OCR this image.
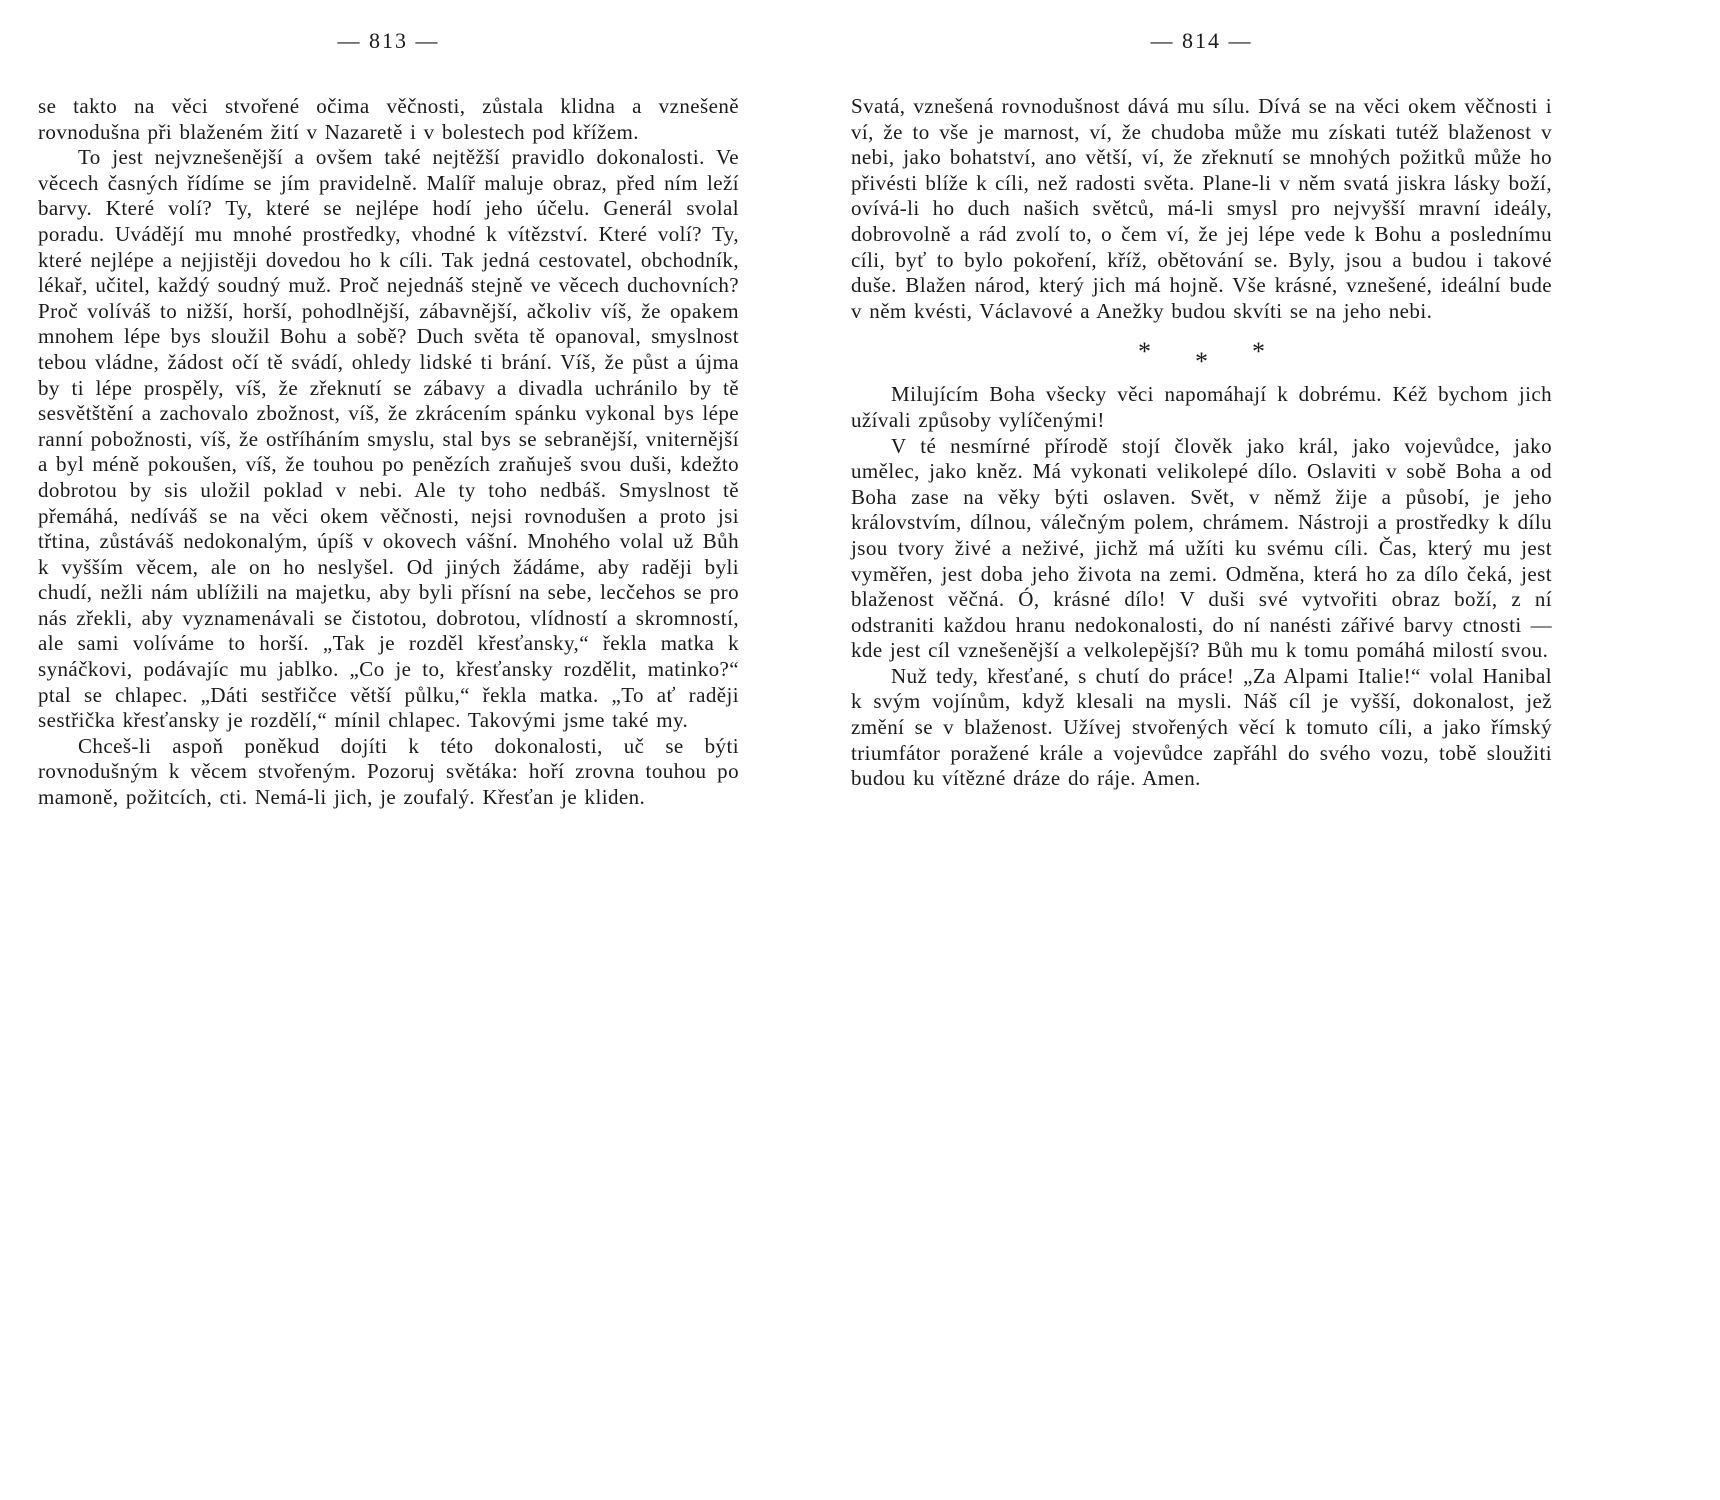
— 813 —

se takto na věci stvořené očima věčnosti, zůstala klidna a vznešeně rovnodušna při blaženém žití v Nazaretě i v bolestech pod křížem.

To jest nejvznešenější a ovšem také nejtěžší pravidlo dokonalosti. Ve věcech časných řídíme se jím pravidelně. Malíř maluje obraz, před ním leží barvy. Které volí? Ty, které se nejlépe hodí jeho účelu. Generál svolal poradu. Uvádějí mu mnohé prostředky, vhodné k vítězství. Které volí? Ty, které nejlépe a nejjistěji dovedou ho k cíli. Tak jedná cestovatel, obchodník, lékař, učitel, každý soudný muž. Proč nejednáš stejně ve věcech duchovních? Proč volíváš to nižší, horší, pohodlnější, zábavnější, ačkoliv víš, že opakem mnohem lépe bys sloužil Bohu a sobě? Duch světa tě opanoval, smyslnost tebou vládne, žádost očí tě svádí, ohledy lidské ti brání. Víš, že půst a újma by ti lépe prospěly, víš, že zřeknutí se zábavy a divadla uchránilo by tě sesvětštění a zachovalo zbožnost, víš, že zkrácením spánku vykonal bys lépe ranní pobožnosti, víš, že ostříháním smyslu, stal bys se sebranější, vniternější a byl méně pokoušen, víš, že touhou po penězích zraňuješ svou duši, kdežto dobrotou by sis uložil poklad v nebi. Ale ty toho nedbáš. Smyslnost tě přemáhá, nedíváš se na věci okem věčnosti, nejsi rovnodušen a proto jsi třtina, zůstáváš nedokonalým, úpíš v okovech vášní. Mnohého volal už Bůh k vyšším věcem, ale on ho neslyšel. Od jiných žádáme, aby raději byli chudí, nežli nám ublížili na majetku, aby byli přísní na sebe, lecčehos se pro nás zřekli, aby vyznamenávali se čistotou, dobrotou, vlídností a skromností, ale sami volíváme to horší. „Tak je rozděl křesťansky,“ řekla matka k synáčkovi, podávajíc mu jablko. „Co je to, křesťansky rozdělit, matinko?“ ptal se chlapec. „Dáti sestřičce větší půlku,“ řekla matka. „To ať raději sestřička křesťansky je rozdělí,“ mínil chlapec. Takovými jsme také my.

Chceš-li aspoň poněkud dojíti k této dokonalosti, uč se býti rovnodušným k věcem stvořeným. Pozoruj světáka: hoří zrovna touhou po mamoně, požitcích, cti. Nemá-li jich, je zoufalý. Křesťan je kliden.

— 814 —

Svatá, vznešená rovnodušnost dává mu sílu. Dívá se na věci okem věčnosti i ví, že to vše je marnost, ví, že chudoba může mu získati tutéž blaženost v nebi, jako bohatství, ano větší, ví, že zřeknutí se mnohých požitků může ho přivésti blíže k cíli, než radosti světa. Plane-li v něm svatá jiskra lásky boží, ovívá-li ho duch našich světců, má-li smysl pro nejvyšší mravní ideály, dobrovolně a rád zvolí to, o čem ví, že jej lépe vede k Bohu a poslednímu cíli, byť to bylo pokoření, kříž, obětování se. Byly, jsou a budou i takové duše. Blažen národ, který jich má hojně. Vše krásné, vznešené, ideální bude v něm kvésti, Václavové a Anežky budou skvíti se na jeho nebi.

* * *

Milujícím Boha všecky věci napomáhají k dobrému. Kéž bychom jich užívali způsoby vylíčenými!

V té nesmírné přírodě stojí člověk jako král, jako vojevůdce, jako umělec, jako kněz. Má vykonati velikolepé dílo. Oslaviti v sobě Boha a od Boha zase na věky býti oslaven. Svět, v němž žije a působí, je jeho královstvím, dílnou, válečným polem, chrámem. Nástroji a prostředky k dílu jsou tvory živé a neživé, jichž má užíti ku svému cíli. Čas, který mu jest vyměřen, jest doba jeho života na zemi. Odměna, která ho za dílo čeká, jest blaženost věčná. Ó, krásné dílo! V duši své vytvořiti obraz boží, z ní odstraniti každou hranu nedokonalosti, do ní nanésti zářivé barvy ctnosti — kde jest cíl vznešenější a velkolepější? Bůh mu k tomu pomáhá milostí svou.

Nuž tedy, křesťané, s chutí do práce! „Za Alpami Italie!“ volal Hanibal k svým vojínům, když klesali na mysli. Náš cíl je vyšší, dokonalost, jež změní se v blaženost. Užívej stvořených věcí k tomuto cíli, a jako římský triumfátor poražené krále a vojevůdce zapřáhl do svého vozu, tobě sloužiti budou ku vítězné dráze do ráje. Amen.
